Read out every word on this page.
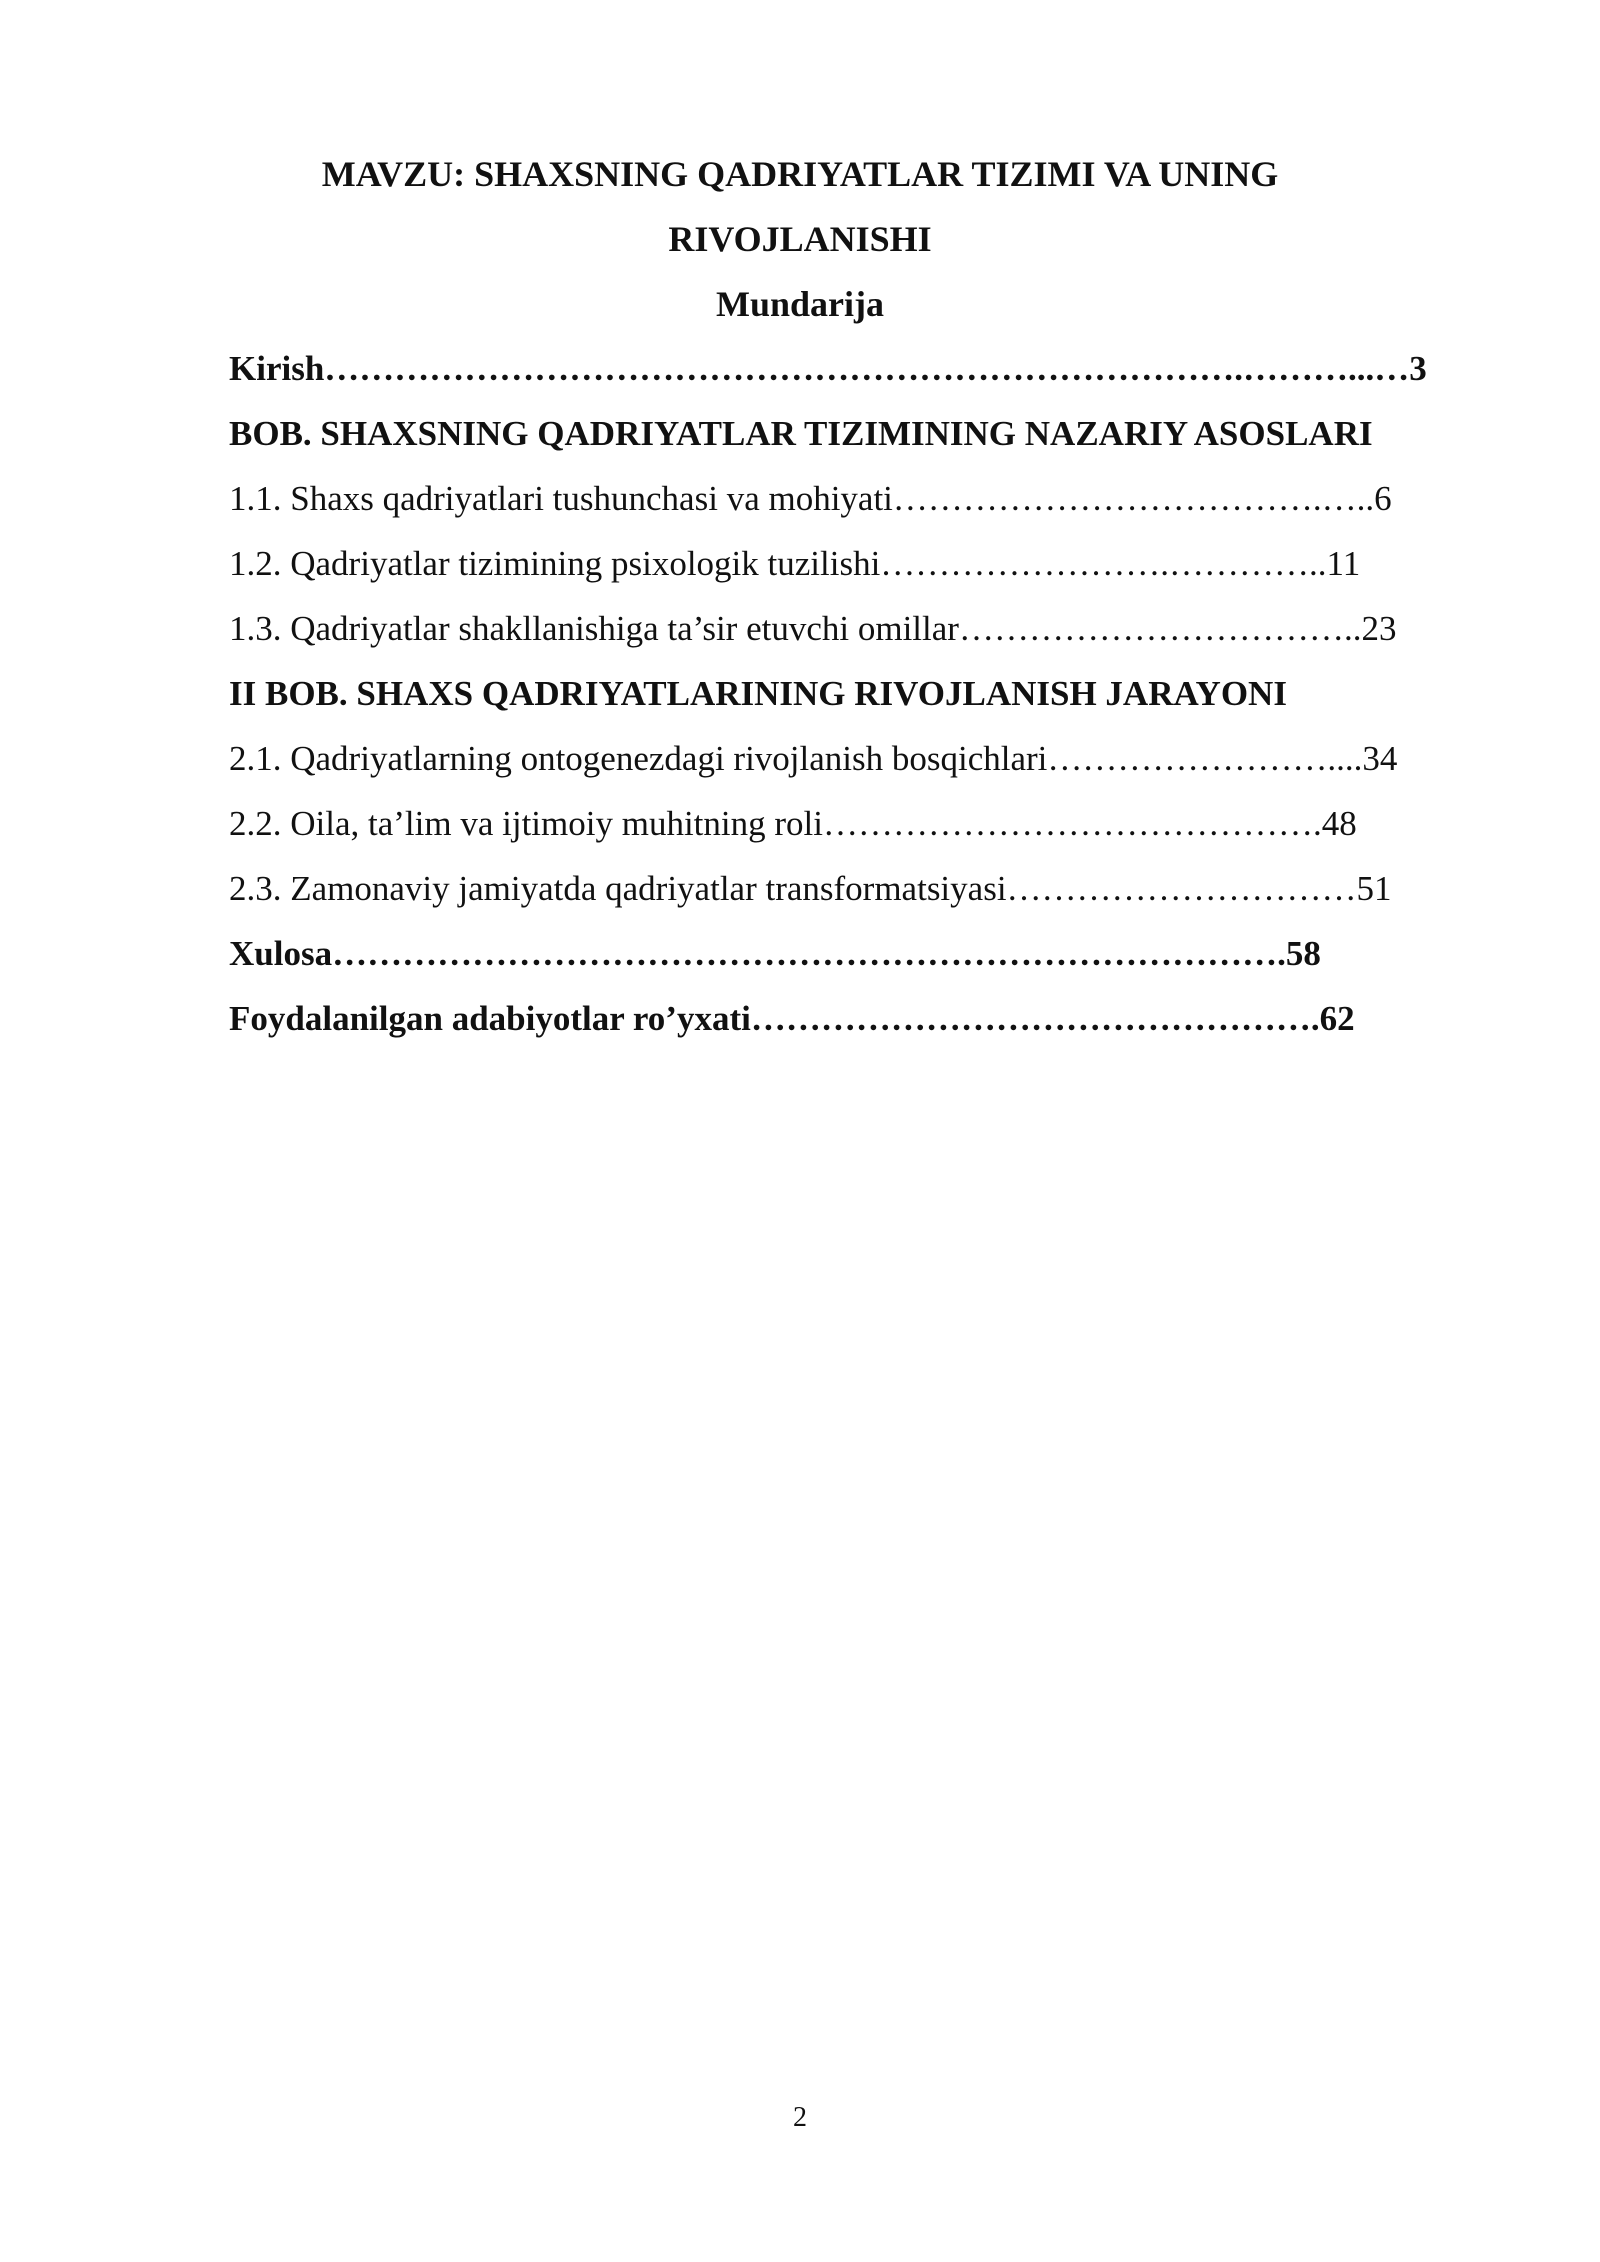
MAVZU: SHAXSNING QADRIYATLAR TIZIMI VA UNING
RIVOJLANISHI
Mundarija
Kirish…………………………………………………………………….………...…3
BOB. SHAXSNING QADRIYATLAR TIZIMINING NAZARIY ASOSLARI
1.1. Shaxs qadriyatlari tushunchasi va mohiyati……………………………….…..6
1.2. Qadriyatlar tizimining psixologik tuzilishi…………………….…………..11
1.3. Qadriyatlar shakllanishiga ta’sir etuvchi omillar……………………………..23
II BOB. SHAXS QADRIYATLARINING RIVOJLANISH JARAYONI
2.1. Qadriyatlarning ontogenezdagi rivojlanish bosqichlari……………………....34
2.2. Oila, ta’lim va ijtimoiy muhitning roli…………………………………….48
2.3. Zamonaviy jamiyatda qadriyatlar transformatsiyasi…………………………51
Xulosa……………………………………………………………………….58
Foydalanilgan adabiyotlar ro’yxati………………………………………….62
2
